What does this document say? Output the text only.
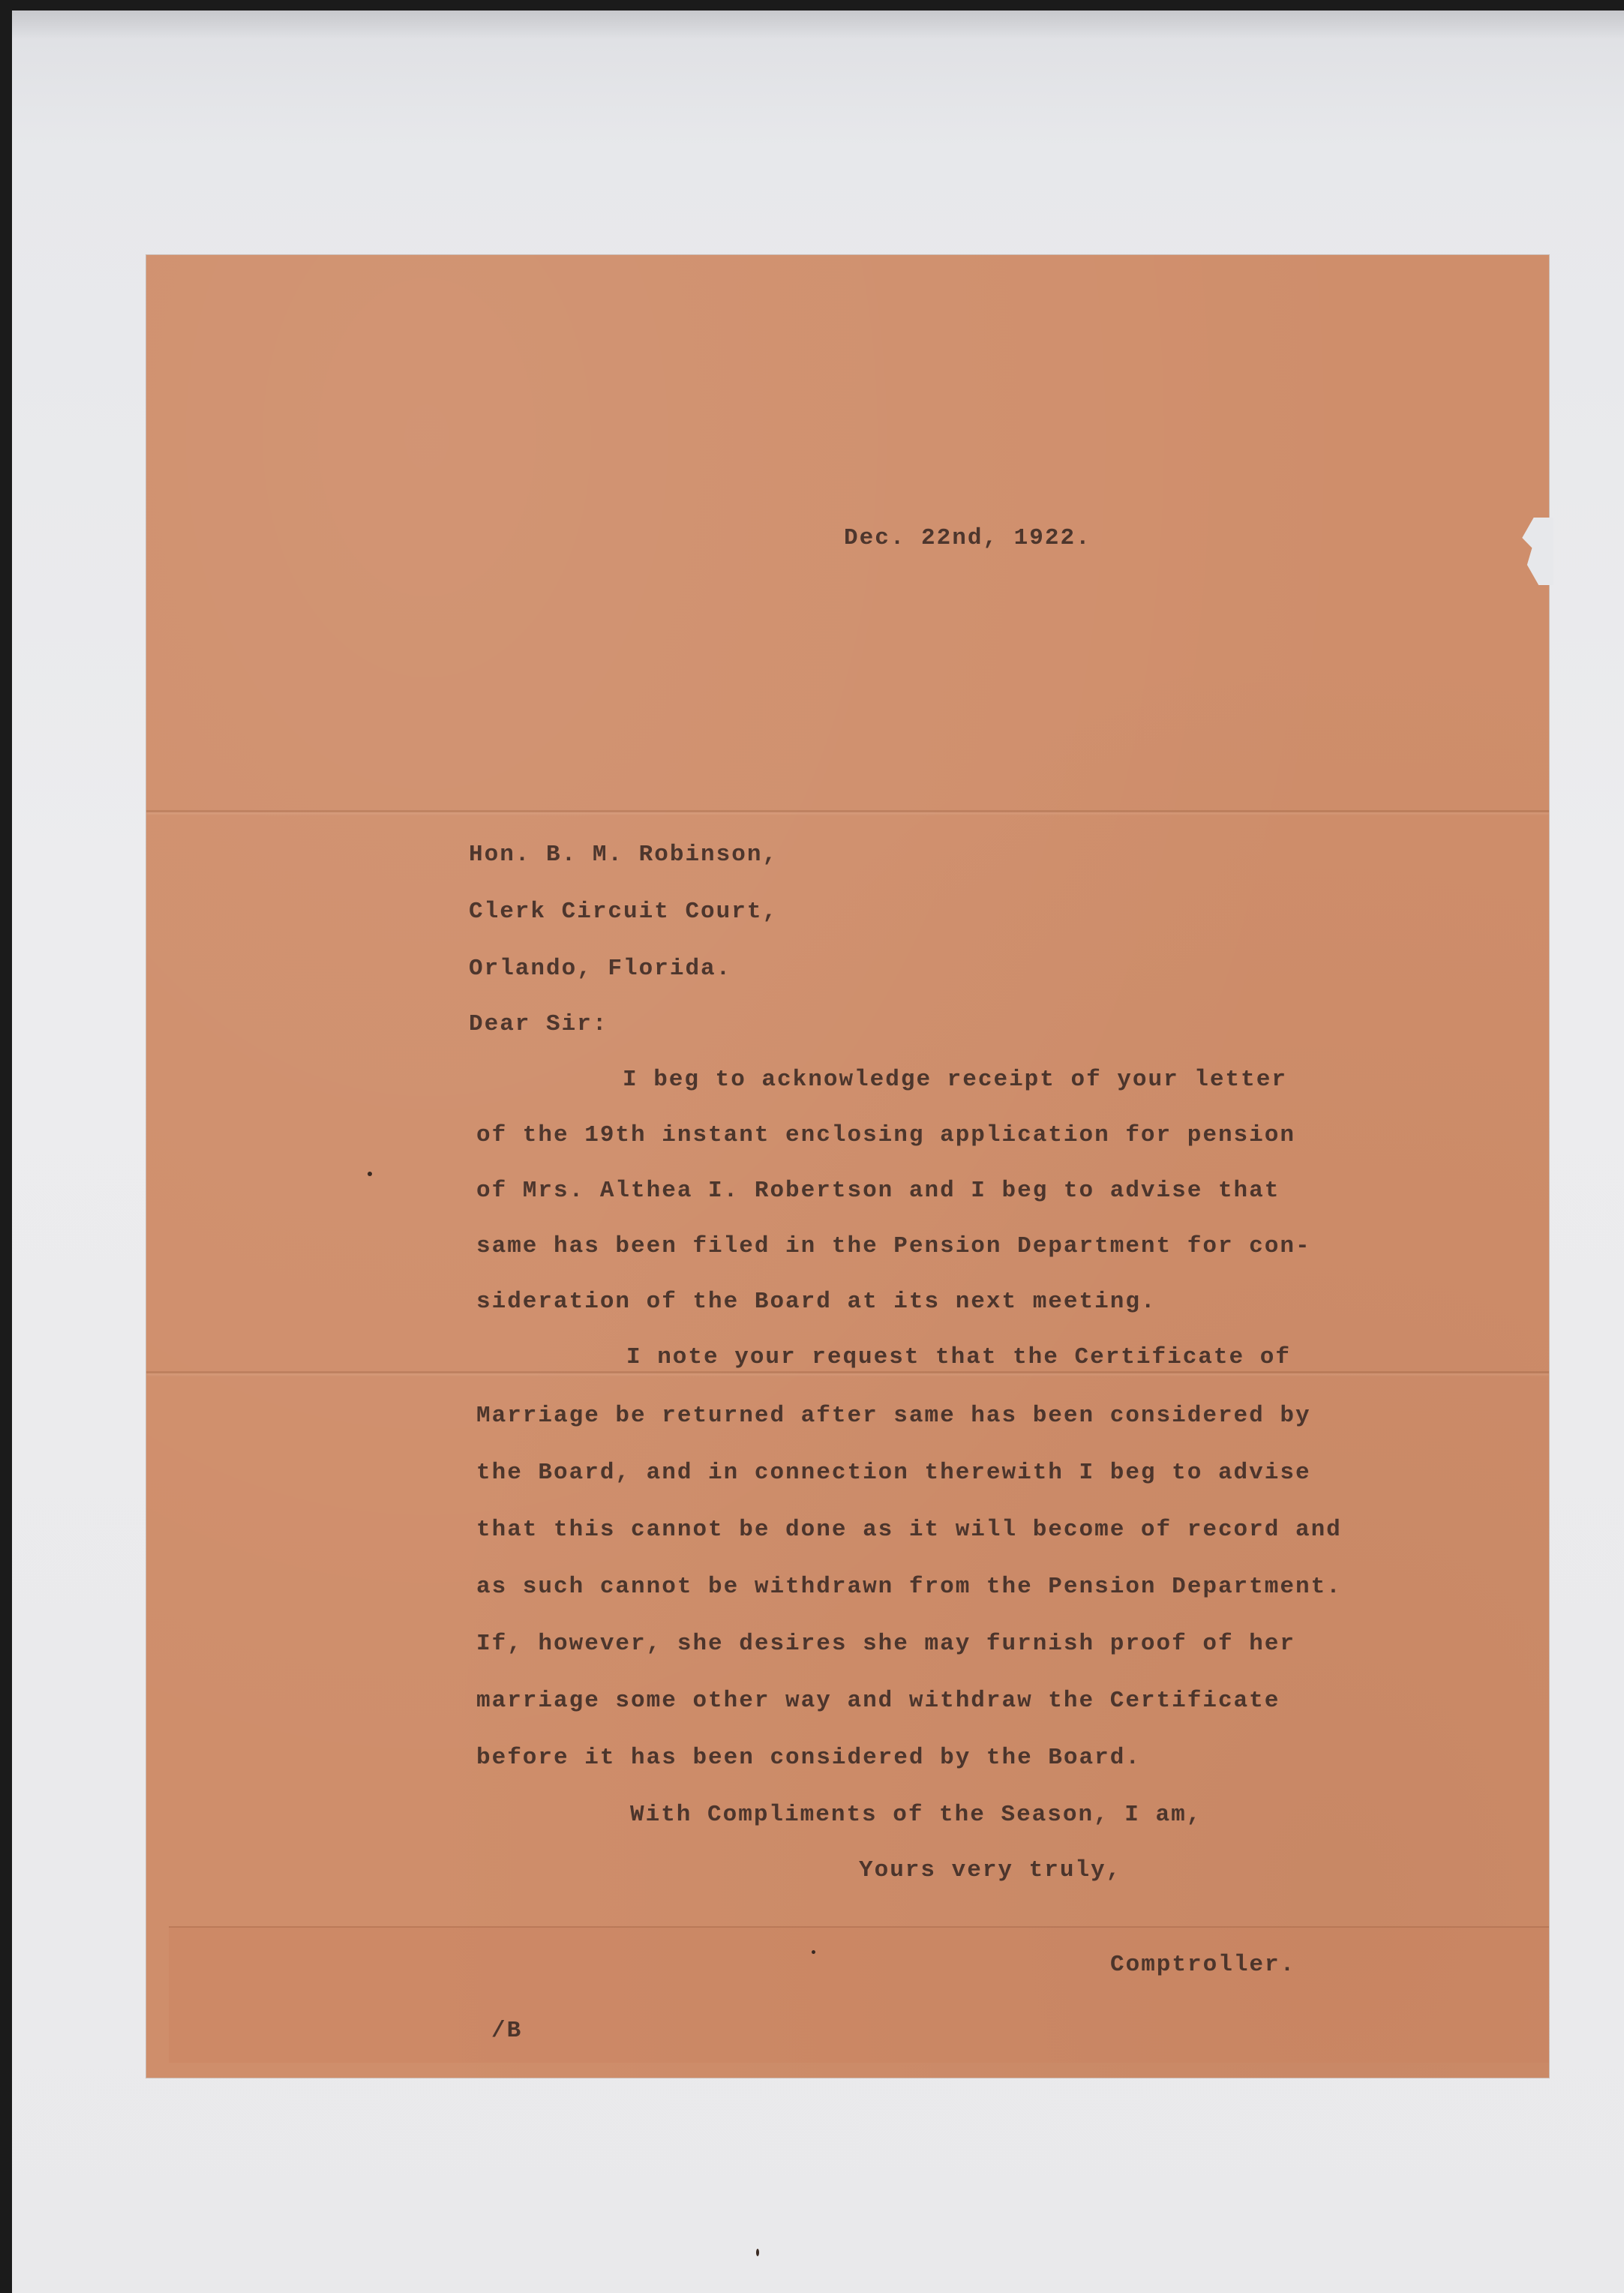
Dec. 22nd, 1922.
Hon. B. M. Robinson,
Clerk Circuit Court,
Orlando, Florida.
Dear Sir:
I beg to acknowledge receipt of your letter
of the 19th instant enclosing application for pension
of Mrs. Althea I. Robertson and I beg to advise that
same has been filed in the Pension Department for con-
sideration of the Board at its next meeting.
I note your request that the Certificate of
Marriage be returned after same has been considered by
the Board, and in connection therewith I beg to advise
that this cannot be done as it will become of record and
as such cannot be withdrawn from the Pension Department.
If, however, she desires she may furnish proof of her
marriage some other way and withdraw the Certificate
before it has been considered by the Board.
With Compliments of the Season, I am,
Yours very truly,
Comptroller.
/B
